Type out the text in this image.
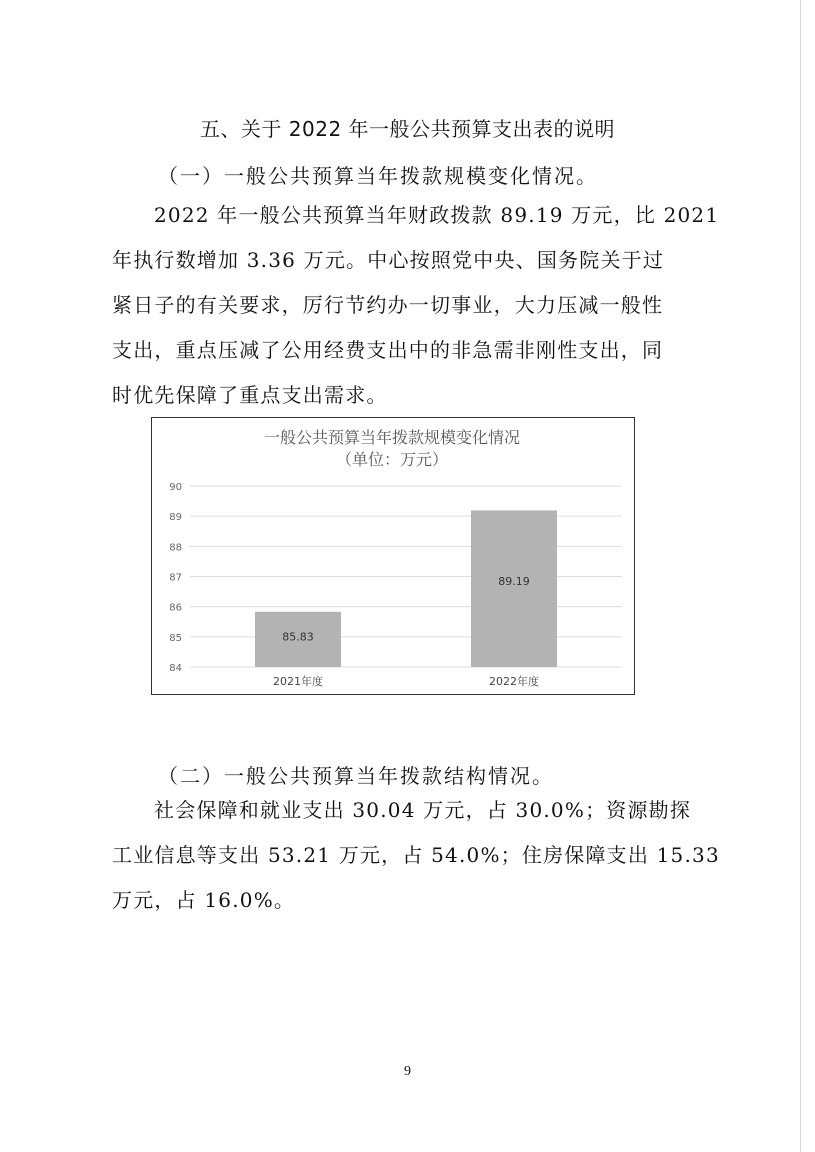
五、关于 2022 年一般公共预算支出表的说明
（一）一般公共预算当年拨款规模变化情况。

2022 年一般公共预算当年财政拨款 89.19 万元，比 2021

年执行数增加 3.36 万元。中心按照党中央、国务院关于过

紧日子的有关要求，厉行节约办一切事业，大力压减一般性

支出，重点压减了公用经费支出中的非急需非刚性支出，同

时优先保障了重点支出需求。

一般公共预算当年拨款规模变化情况
（单位：万元）
84
85
86
87
88
89
90
85.83
89.19
2021年度	2022年度
（二）一般公共预算当年拨款结构情况。

社会保障和就业支出 30.04 万元，占 30.0%；资源勘探

工业信息等支出 53.21 万元，占 54.0%；住房保障支出 15.33

万元，占 16.0%。

9
